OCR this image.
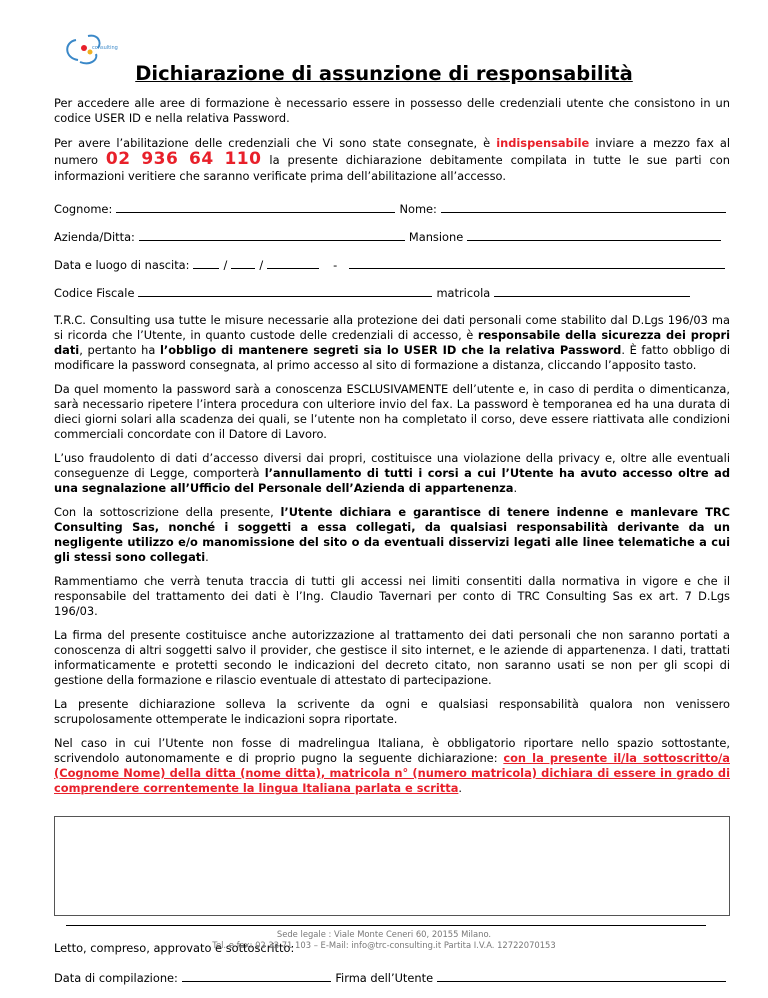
consulting
Dichiarazione di assunzione di responsabilità

Per accedere alle aree di formazione è necessario essere in possesso delle credenziali utente che consistono in un codice USER ID e nella relativa Password.

Per avere l’abilitazione delle credenziali che Vi sono state consegnate, è indispensabile inviare a mezzo fax al numero 02 936 64 110 la presente dichiarazione debitamente compilata in tutte le sue parti con informazioni veritiere che saranno verificate prima dell’abilitazione all’accesso.

Cognome:	Nome:
Azienda/Ditta:	Mansione
Data e luogo di nascita:	/	/	-
Codice Fiscale	matricola

T.R.C. Consulting usa tutte le misure necessarie alla protezione dei dati personali come stabilito dal D.Lgs 196/03 ma si ricorda che l’Utente, in quanto custode delle credenziali di accesso, è responsabile della sicurezza dei propri dati, pertanto ha l’obbligo di mantenere segreti sia lo USER ID che la relativa Password. È fatto obbligo di modificare la password consegnata, al primo accesso al sito di formazione a distanza, cliccando l’apposito tasto.

Da quel momento la password sarà a conoscenza ESCLUSIVAMENTE dell’utente e, in caso di perdita o dimenticanza, sarà necessario ripetere l’intera procedura con ulteriore invio del fax. La password è temporanea ed ha una durata di dieci giorni solari alla scadenza dei quali, se l’utente non ha completato il corso, deve essere riattivata alle condizioni commerciali concordate con il Datore di Lavoro.

L’uso fraudolento di dati d’accesso diversi dai propri, costituisce una violazione della privacy e, oltre alle eventuali conseguenze di Legge, comporterà l’annullamento di tutti i corsi a cui l’Utente ha avuto accesso oltre ad una segnalazione all’Ufficio del Personale dell’Azienda di appartenenza.

Con la sottoscrizione della presente, l’Utente dichiara e garantisce di tenere indenne e manlevare TRC Consulting Sas, nonché i soggetti a essa collegati, da qualsiasi responsabilità derivante da un negligente utilizzo e/o manomissione del sito o da eventuali disservizi legati alle linee telematiche a cui gli stessi sono collegati.

Rammentiamo che verrà tenuta traccia di tutti gli accessi nei limiti consentiti dalla normativa in vigore e che il responsabile del trattamento dei dati è l’Ing. Claudio Tavernari per conto di TRC Consulting Sas ex art. 7 D.Lgs 196/03.

La firma del presente costituisce anche autorizzazione al trattamento dei dati personali che non saranno portati a conoscenza di altri soggetti salvo il provider, che gestisce il sito internet, e le aziende di appartenenza. I dati, trattati informaticamente e protetti secondo le indicazioni del decreto citato, non saranno usati se non per gli scopi di gestione della formazione e rilascio eventuale di attestato di partecipazione.

La presente dichiarazione solleva la scrivente da ogni e qualsiasi responsabilità qualora non venissero scrupolosamente ottemperate le indicazioni sopra riportate.

Nel caso in cui l’Utente non fosse di madrelingua Italiana, è obbligatorio riportare nello spazio sottostante, scrivendolo autonomamente e di proprio pugno la seguente dichiarazione: con la presente il/la sottoscritto/a (Cognome Nome) della ditta (nome ditta), matricola n° (numero matricola) dichiara di essere in grado di comprendere correntemente la lingua Italiana parlata e scritta.

Letto, compreso, approvato e sottoscritto:

Data di compilazione:	Firma dell’Utente
Sede legale : Viale Monte Ceneri 60, 20155 Milano.
Tel. e fax: 02 32 71 103 – E-Mail: info@trc-consulting.it Partita I.V.A. 12722070153
